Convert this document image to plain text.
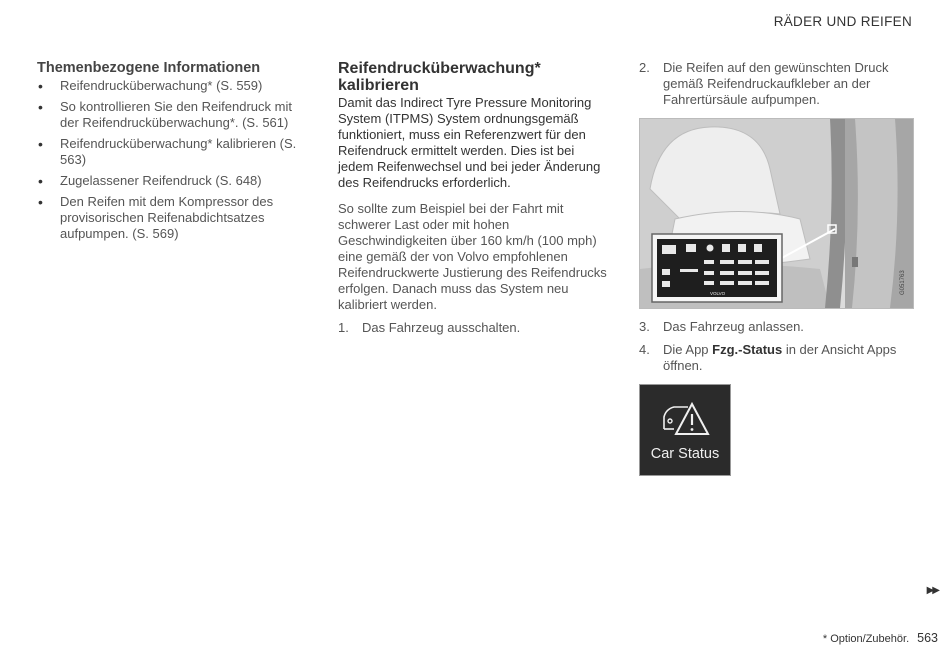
RÄDER UND REIFEN
Themenbezogene Informationen
• Reifendrucküberwachung* (S. 559)
• So kontrollieren Sie den Reifendruck mit der Reifendrucküberwachung*. (S. 561)
• Reifendrucküberwachung* kalibrieren (S. 563)
• Zugelassener Reifendruck (S. 648)
• Den Reifen mit dem Kompressor des provisorischen Reifenabdichtsatzes aufpumpen. (S. 569)
Reifendrucküberwachung* kalibrieren

Damit das Indirect Tyre Pressure Monitoring System (ITPMS) System ordnungsgemäß funktioniert, muss ein Referenzwert für den Reifendruck ermittelt werden. Dies ist bei jedem Reifenwechsel und bei jeder Änderung des Reifendrucks erforderlich.

So sollte zum Beispiel bei der Fahrt mit schwerer Last oder mit hohen Geschwindigkeiten über 160 km/h (100 mph) eine gemäß der von Volvo empfohlenen Reifendruckwerte Justierung des Reifendrucks erfolgen. Danach muss das System neu kalibriert werden.

1. Das Fahrzeug ausschalten.
2. Die Reifen auf den gewünschten Druck gemäß Reifendruckaufkleber an der Fahrertürsäule aufpumpen.
VOLVO	G051763
3. Das Fahrzeug anlassen.
4. Die App Fzg.-Status in der Ansicht Apps öffnen.
Car Status
▶▶
* Option/Zubehör. 563
